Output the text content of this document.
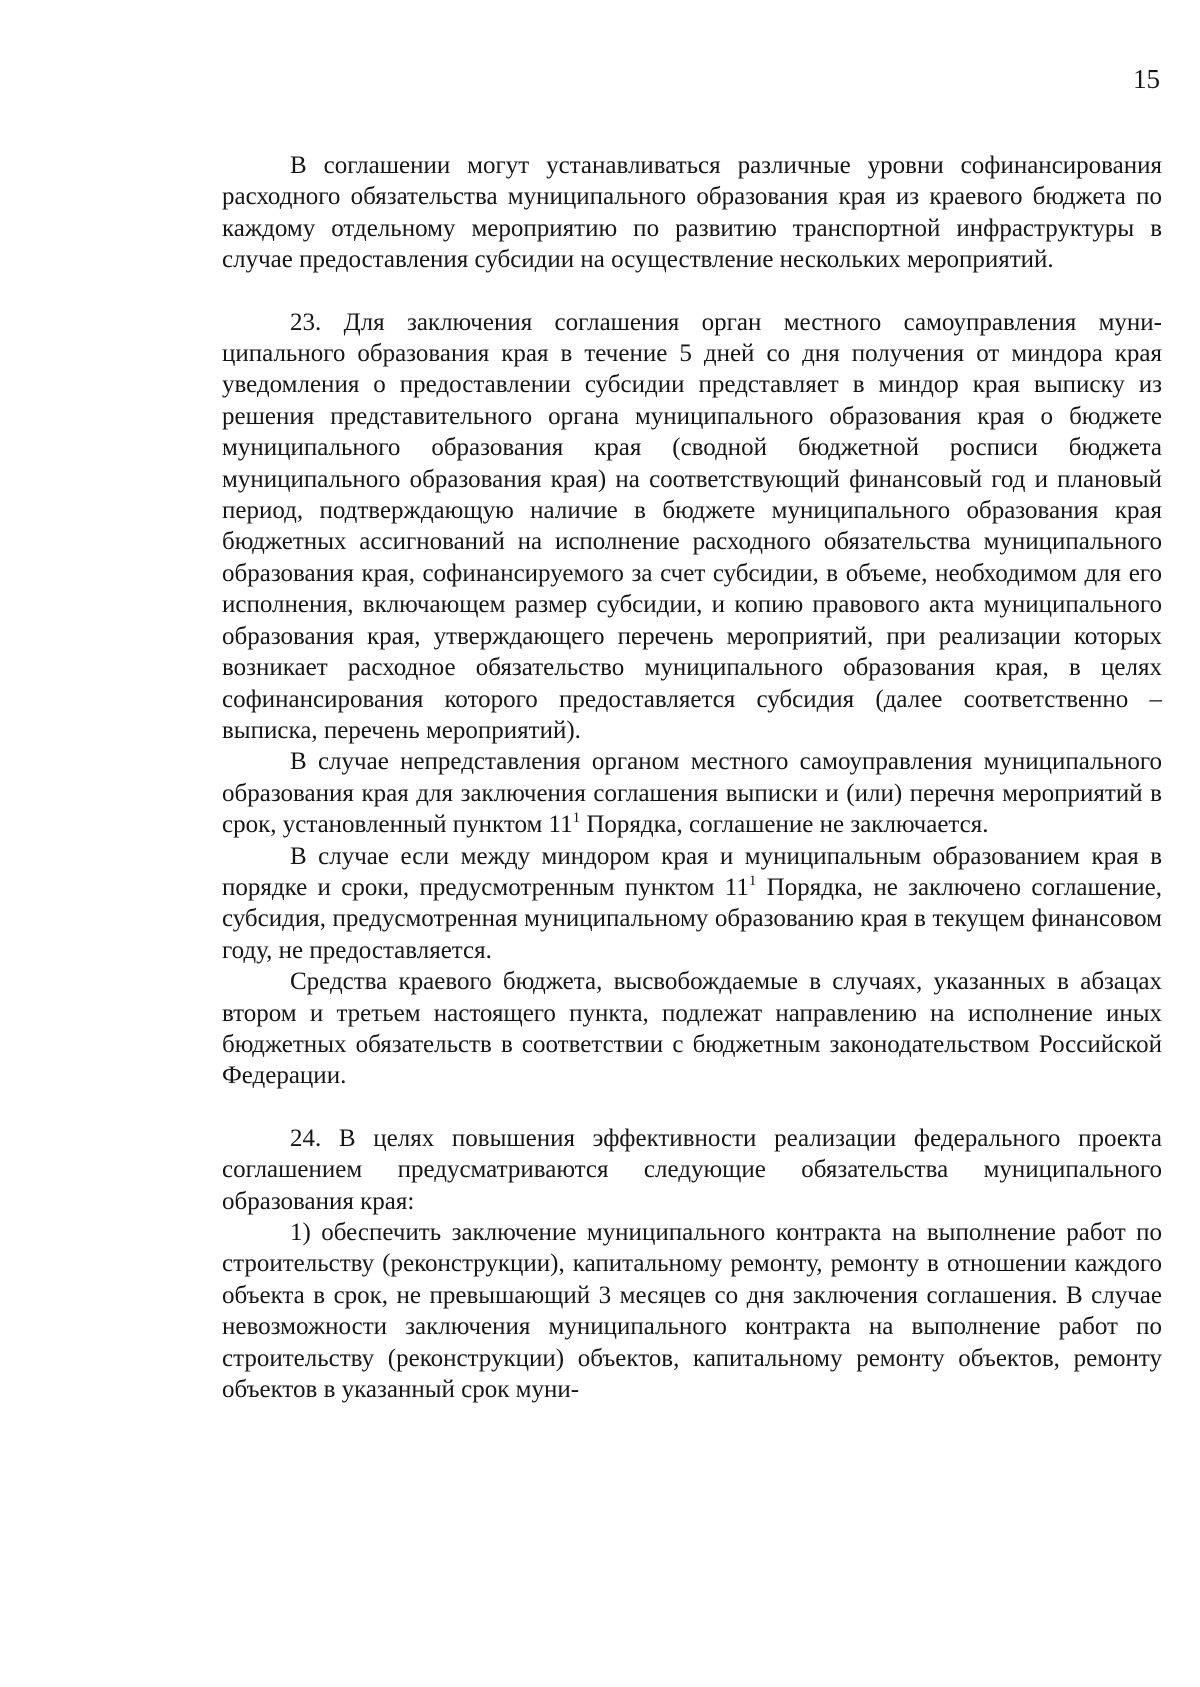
15

В соглашении могут устанавливаться различные уровни софинансирования расходного обязательства муниципального образования края из краевого бюджета по каждому отдельному мероприятию по развитию транспортной инфраструктуры в случае предоставления субсидии на осуществление нескольких мероприятий.

23. Для заключения соглашения орган местного самоуправления муниципального образования края в течение 5 дней со дня получения от миндора края уведомления о предоставлении субсидии представляет в миндор края выписку из решения представительного органа муниципального образования края о бюджете муниципального образования края (сводной бюджетной росписи бюджета муниципального образования края) на соответствующий финансовый год и плановый период, подтверждающую наличие в бюджете муниципального образования края бюджетных ассигнований на исполнение расходного обязательства муниципального образования края, софинансируемого за счет субсидии, в объеме, необходимом для его исполнения, включающем размер субсидии, и копию правового акта муниципального образования края, утверждающего перечень мероприятий, при реализации которых возникает расходное обязательство муниципального образования края, в целях софинансирования которого предоставляется субсидия (далее соответственно – выписка, перечень мероприятий).

В случае непредставления органом местного самоуправления муниципального образования края для заключения соглашения выписки и (или) перечня мероприятий в срок, установленный пунктом 11$^1$ Порядка, соглашение не заключается.

В случае если между миндором края и муниципальным образованием края в порядке и сроки, предусмотренным пунктом 11$^1$ Порядка, не заключено соглашение, субсидия, предусмотренная муниципальному образованию края в текущем финансовом году, не предоставляется.

Средства краевого бюджета, высвобождаемые в случаях, указанных в абзацах втором и третьем настоящего пункта, подлежат направлению на исполнение иных бюджетных обязательств в соответствии с бюджетным законодательством Российской Федерации.

24. В целях повышения эффективности реализации федерального проекта соглашением предусматриваются следующие обязательства муниципального образования края:

1) обеспечить заключение муниципального контракта на выполнение работ по строительству (реконструкции), капитальному ремонту, ремонту в отношении каждого объекта в срок, не превышающий 3 месяцев со дня заключения соглашения. В случае невозможности заключения муниципального контракта на выполнение работ по строительству (реконструкции) объектов, капитальному ремонту объектов, ремонту объектов в указанный срок муни-
